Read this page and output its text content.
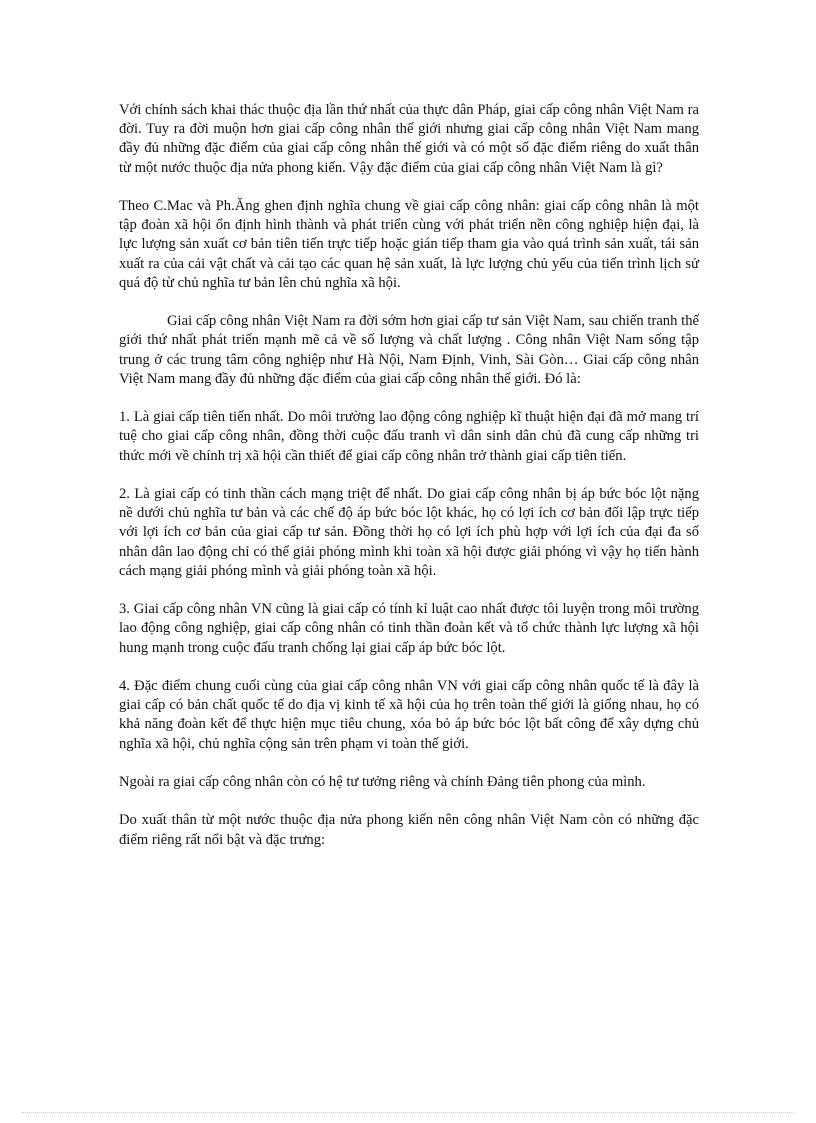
Với chính sách khai thác thuộc địa lần thứ nhất của thực dân Pháp, giai cấp công nhân Việt Nam ra đời. Tuy ra đời muộn hơn giai cấp công nhân thế giới nhưng giai cấp công nhân Việt Nam mang đầy đủ những đặc điểm của giai cấp công nhân thế giới và có một số đặc điểm riêng do xuất thân từ một nước thuộc địa nửa phong kiến. Vậy đặc điểm của giai cấp công nhân Việt Nam là gì?

Theo C.Mac và Ph.Ăng ghen định nghĩa chung về giai cấp công nhân: giai cấp công nhân là một tập đoàn xã hội ổn định hình thành và phát triển cùng với phát triển nền công nghiệp hiện đại, là lực lượng sản xuất cơ bản tiên tiến trực tiếp hoặc gián tiếp tham gia vào quá trình sản xuất, tái sản xuất ra của cải vật chất và cải tạo các quan hệ sản xuất, là lực lượng chủ yếu của tiến trình lịch sử quá độ từ chủ nghĩa tư bản lên chủ nghĩa xã hội.

Giai cấp công nhân Việt Nam ra đời sớm hơn giai cấp tư sản Việt Nam, sau chiến tranh thế giới thứ nhất phát triển mạnh mẽ cả về số lượng và chất lượng . Công nhân Việt Nam sống tập trung ở các trung tâm công nghiệp như Hà Nội, Nam Định, Vinh, Sài Gòn… Giai cấp công nhân Việt Nam mang đầy đủ những đặc điểm của giai cấp công nhân thế giới. Đó là:

1. Là giai cấp tiên tiến nhất. Do môi trường lao động công nghiệp kĩ thuật hiện đại đã mở mang trí tuệ cho giai cấp công nhân, đồng thời cuộc đấu tranh vì dân sinh dân chủ đã cung cấp những tri thức mới về chính trị xã hội cần thiết để giai cấp công nhân trở thành giai cấp tiên tiến.

2. Là giai cấp có tinh thần cách mạng triệt để nhất. Do giai cấp công nhân bị áp bức bóc lột nặng nề dưới chủ nghĩa tư bản và các chế độ áp bức bóc lột khác, họ có lợi ích cơ bản đối lập trực tiếp với lợi ích cơ bản của giai cấp tư sản. Đồng thời họ có lợi ích phù hợp với lợi ích của đại đa số nhân dân lao động chỉ có thể giải phóng mình khi toàn xã hội được giải phóng vì vậy họ tiến hành cách mạng giải phóng mình và giải phóng toàn xã hội.

3. Giai cấp công nhân VN cũng là giai cấp có tính kỉ luật cao nhất được tôi luyện trong môi trường lao động công nghiệp, giai cấp công nhân có tinh thần đoàn kết và tổ chức thành lực lượng xã hội hung mạnh trong cuộc đấu tranh chống lại giai cấp áp bức bóc lột.

4. Đặc điểm chung cuối cùng của giai cấp công nhân VN với giai cấp công nhân quốc tế là đây là giai cấp có bản chất quốc tế do địa vị kinh tế xã hội của họ trên toàn thế giới là giống nhau, họ có khả năng đoàn kết để thực hiện mục tiêu chung, xóa bỏ áp bức bóc lột bất công để xây dựng chủ nghĩa xã hội, chủ nghĩa cộng sản trên phạm vi toàn thế giới.

Ngoài ra giai cấp công nhân còn có hệ tư tưởng riêng và chính Đảng tiên phong của mình.

Do xuất thân từ một nước thuộc địa nửa phong kiến nên công nhân Việt Nam còn có những đặc điểm riêng rất nổi bật và đặc trưng:
